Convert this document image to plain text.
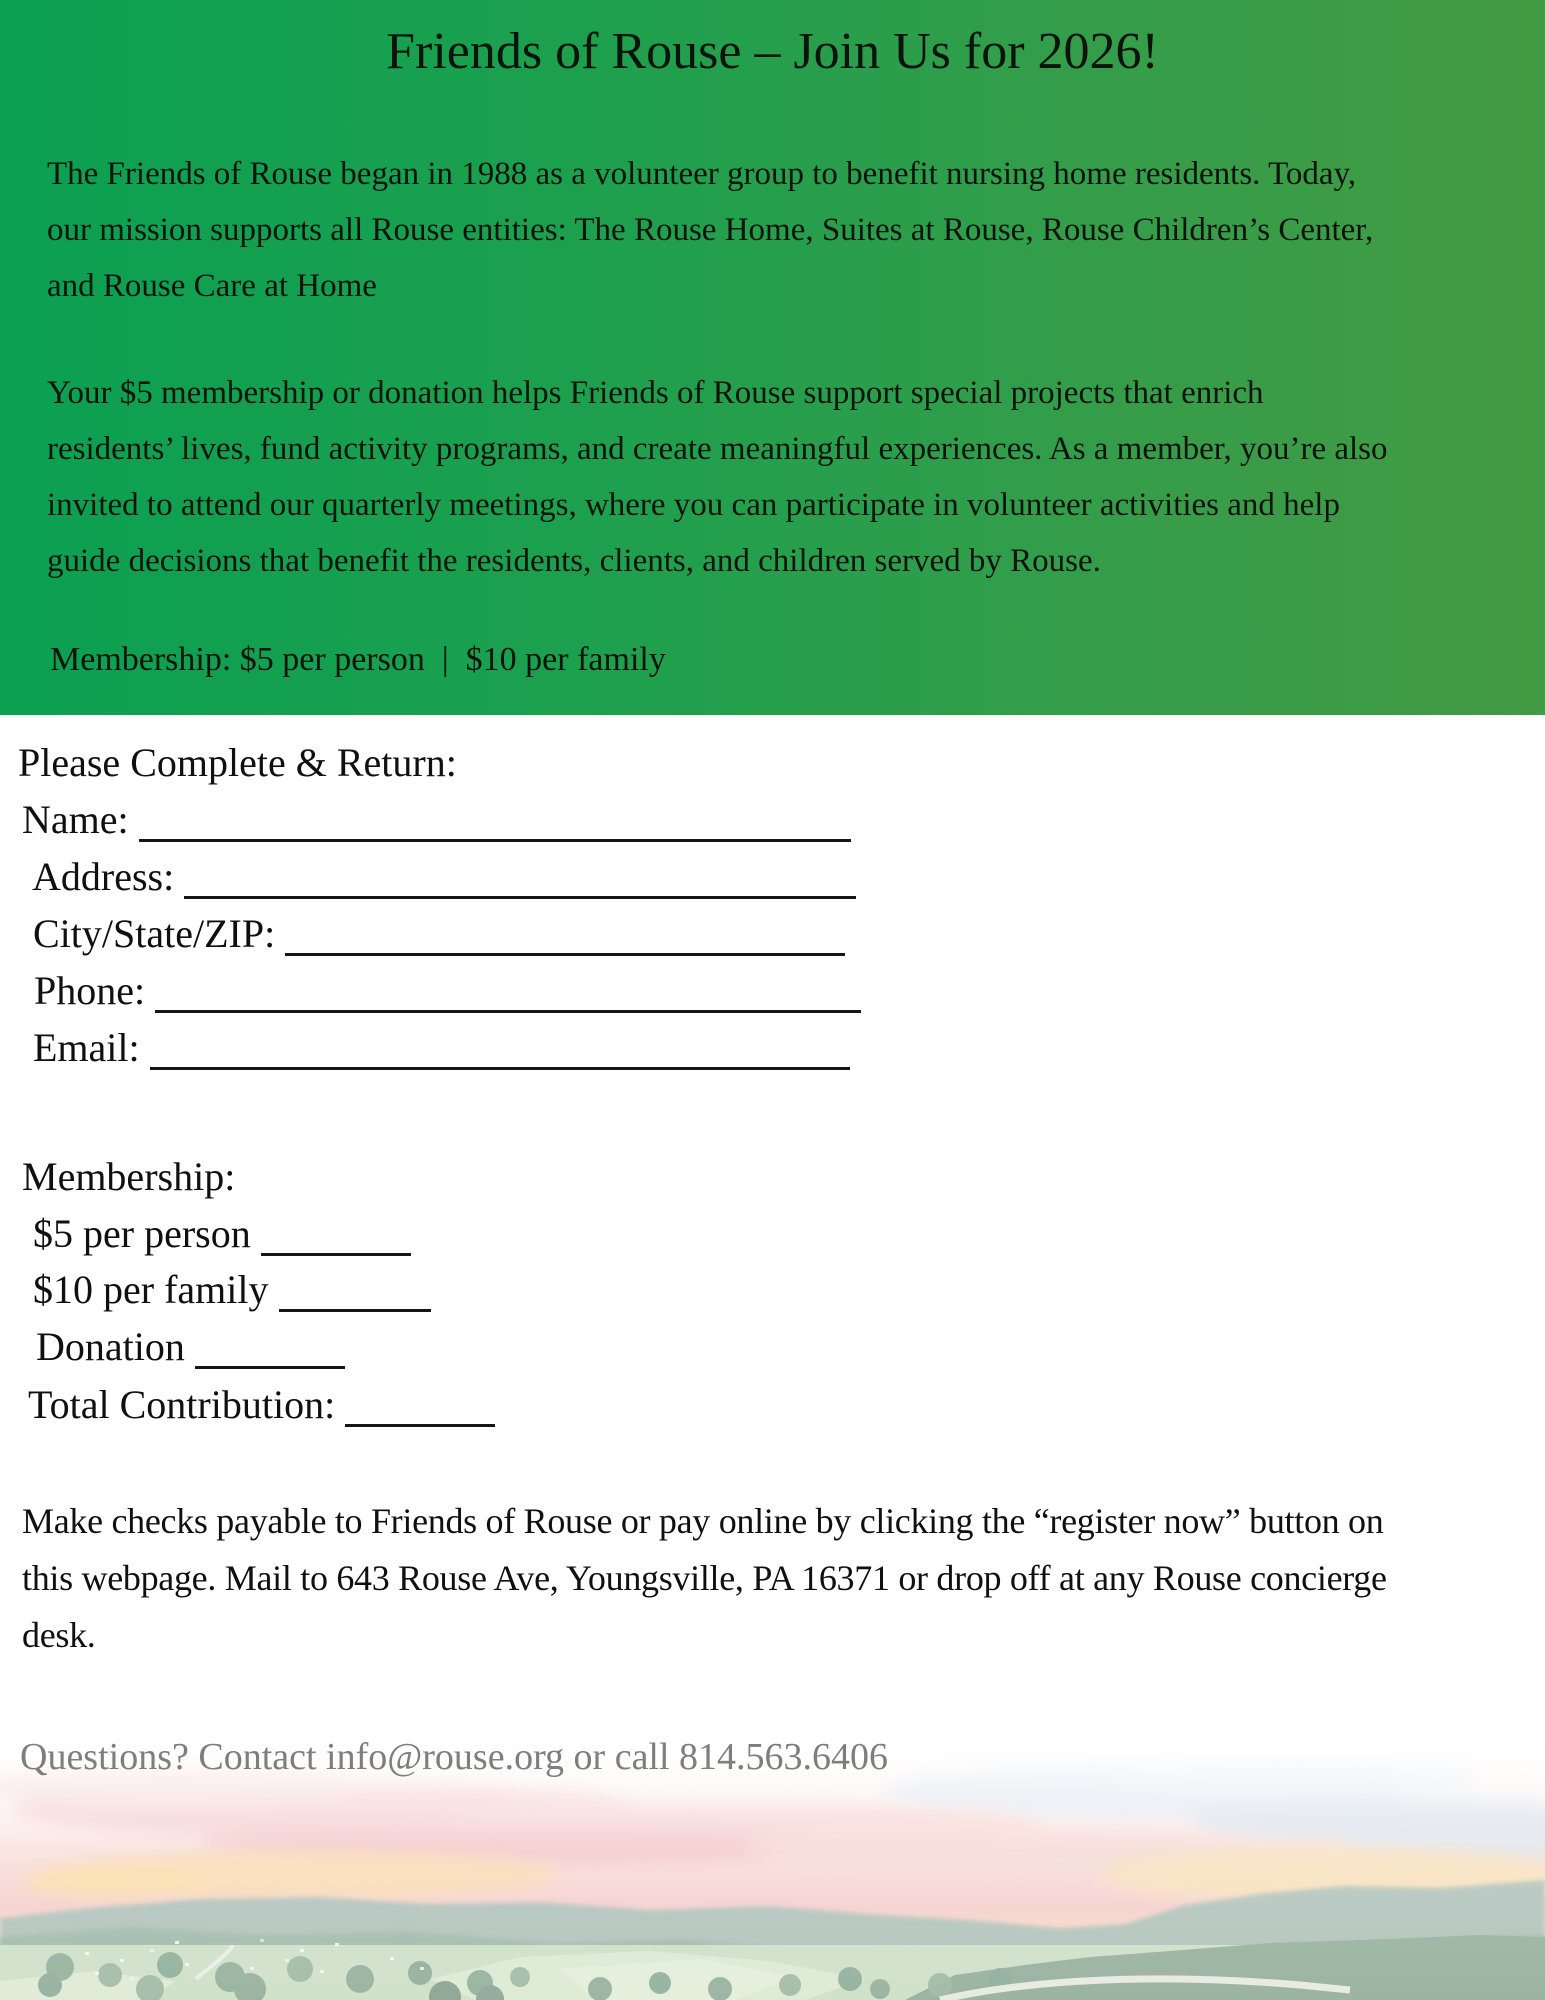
Friends of Rouse – Join Us for 2026!
The Friends of Rouse began in 1988 as a volunteer group to benefit nursing home residents. Today,
our mission supports all Rouse entities: The Rouse Home, Suites at Rouse, Rouse Children’s Center,
and Rouse Care at Home
Your $5 membership or donation helps Friends of Rouse support special projects that enrich
residents’ lives, fund activity programs, and create meaningful experiences. As a member, you’re also
invited to attend our quarterly meetings, where you can participate in volunteer activities and help
guide decisions that benefit the residents, clients, and children served by Rouse.
Membership: $5 per person  |  $10 per family
Please Complete & Return:
Name:
Address:
City/State/ZIP:
Phone:
Email:
Membership:
$5 per person
$10 per family
Donation
Total Contribution:
Make checks payable to Friends of Rouse or pay online by clicking the “register now” button on
this webpage. Mail to 643 Rouse Ave, Youngsville, PA 16371 or drop off at any Rouse concierge
desk.
Questions? Contact info@rouse.org or call 814.563.6406
